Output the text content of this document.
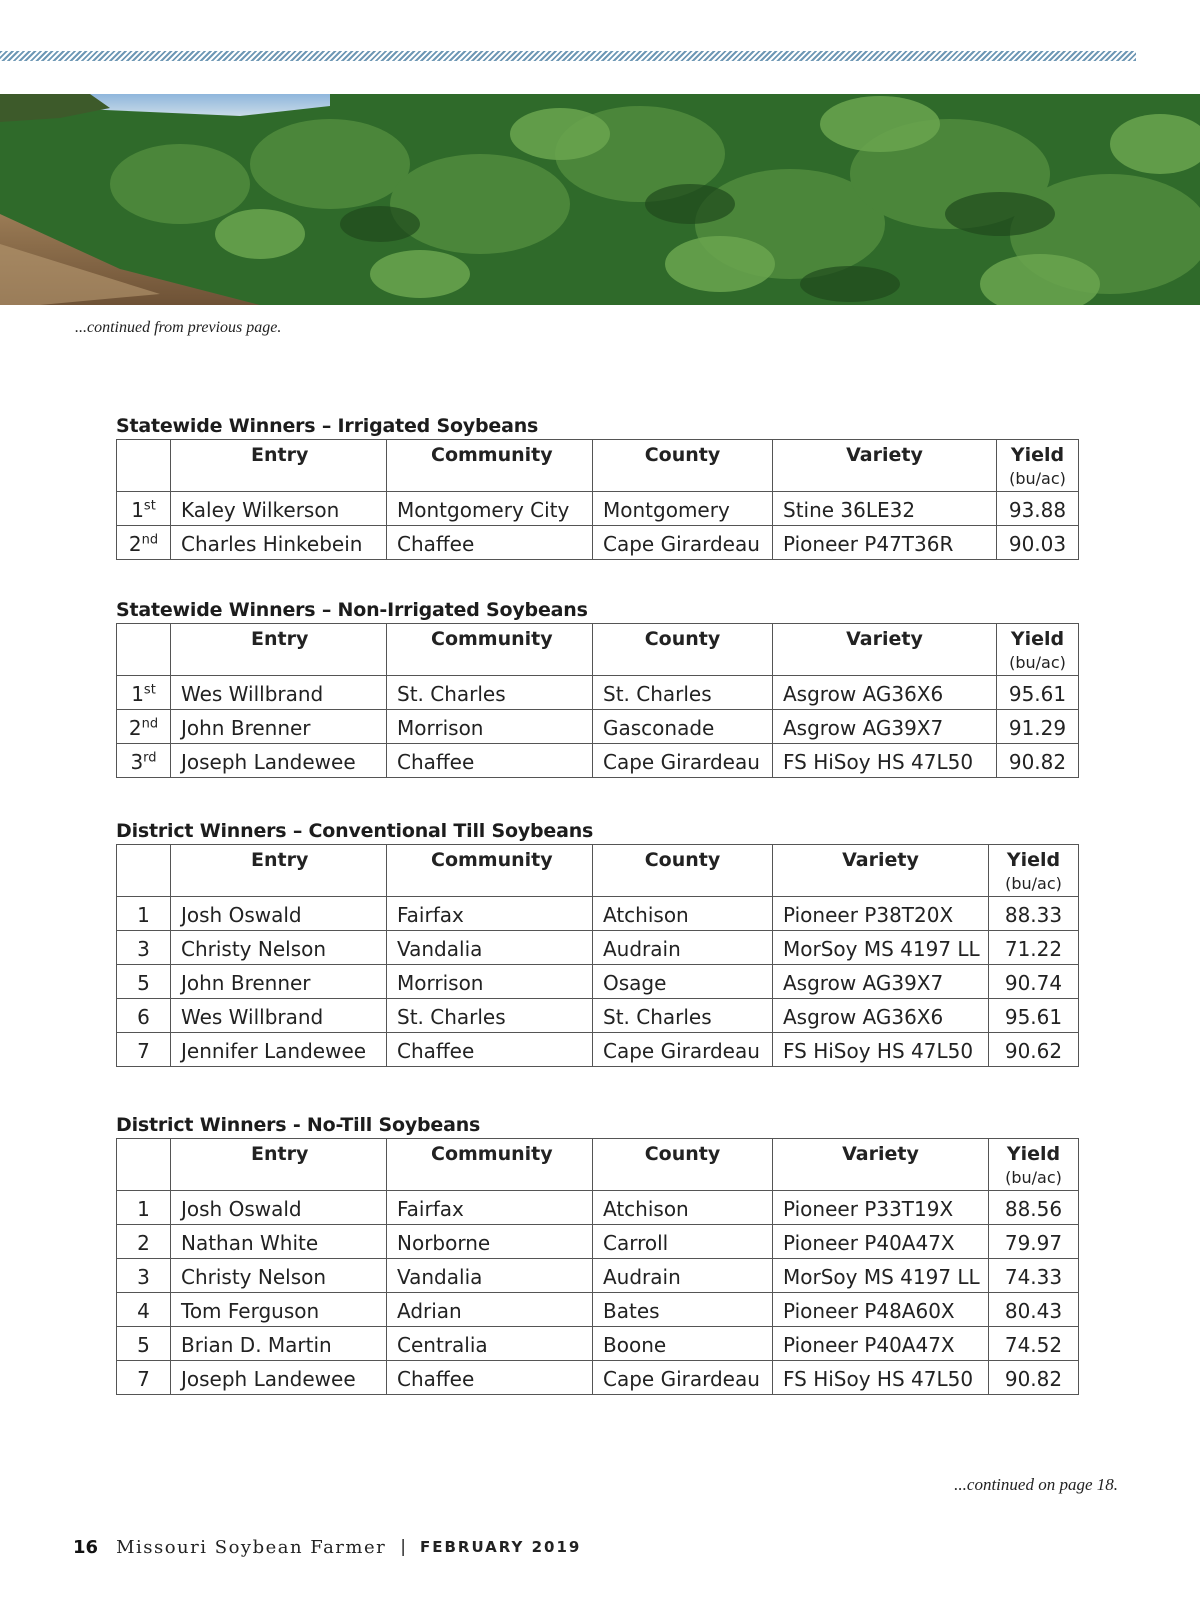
...continued from previous page.
Statewide Winners – Irrigated Soybeans
	Entry	Community	County	Variety	Yield
(bu/ac)

1st	Kaley Wilkerson	Montgomery City	Montgomery	Stine 36LE32	93.88
2nd	Charles Hinkebein	Chaffee	Cape Girardeau	Pioneer P47T36R	90.03
Statewide Winners – Non-Irrigated Soybeans
	Entry	Community	County	Variety	Yield
(bu/ac)

1st	Wes Willbrand	St. Charles	St. Charles	Asgrow AG36X6	95.61
2nd	John Brenner	Morrison	Gasconade	Asgrow AG39X7	91.29
3rd	Joseph Landewee	Chaffee	Cape Girardeau	FS HiSoy HS 47L50	90.82
District Winners – Conventional Till Soybeans
	Entry	Community	County	Variety	Yield
(bu/ac)

1	Josh Oswald	Fairfax	Atchison	Pioneer P38T20X	88.33
3	Christy Nelson	Vandalia	Audrain	MorSoy MS 4197 LL	71.22
5	John Brenner	Morrison	Osage	Asgrow AG39X7	90.74
6	Wes Willbrand	St. Charles	St. Charles	Asgrow AG36X6	95.61
7	Jennifer Landewee	Chaffee	Cape Girardeau	FS HiSoy HS 47L50	90.62
District Winners - No-Till Soybeans
	Entry	Community	County	Variety	Yield
(bu/ac)

1	Josh Oswald	Fairfax	Atchison	Pioneer P33T19X	88.56
2	Nathan White	Norborne	Carroll	Pioneer P40A47X	79.97
3	Christy Nelson	Vandalia	Audrain	MorSoy MS 4197 LL	74.33
4	Tom Ferguson	Adrian	Bates	Pioneer P48A60X	80.43
5	Brian D. Martin	Centralia	Boone	Pioneer P40A47X	74.52
7	Joseph Landewee	Chaffee	Cape Girardeau	FS HiSoy HS 47L50	90.82
...continued on page 18.
16 Missouri Soybean Farmer | FEBRUARY 2019
